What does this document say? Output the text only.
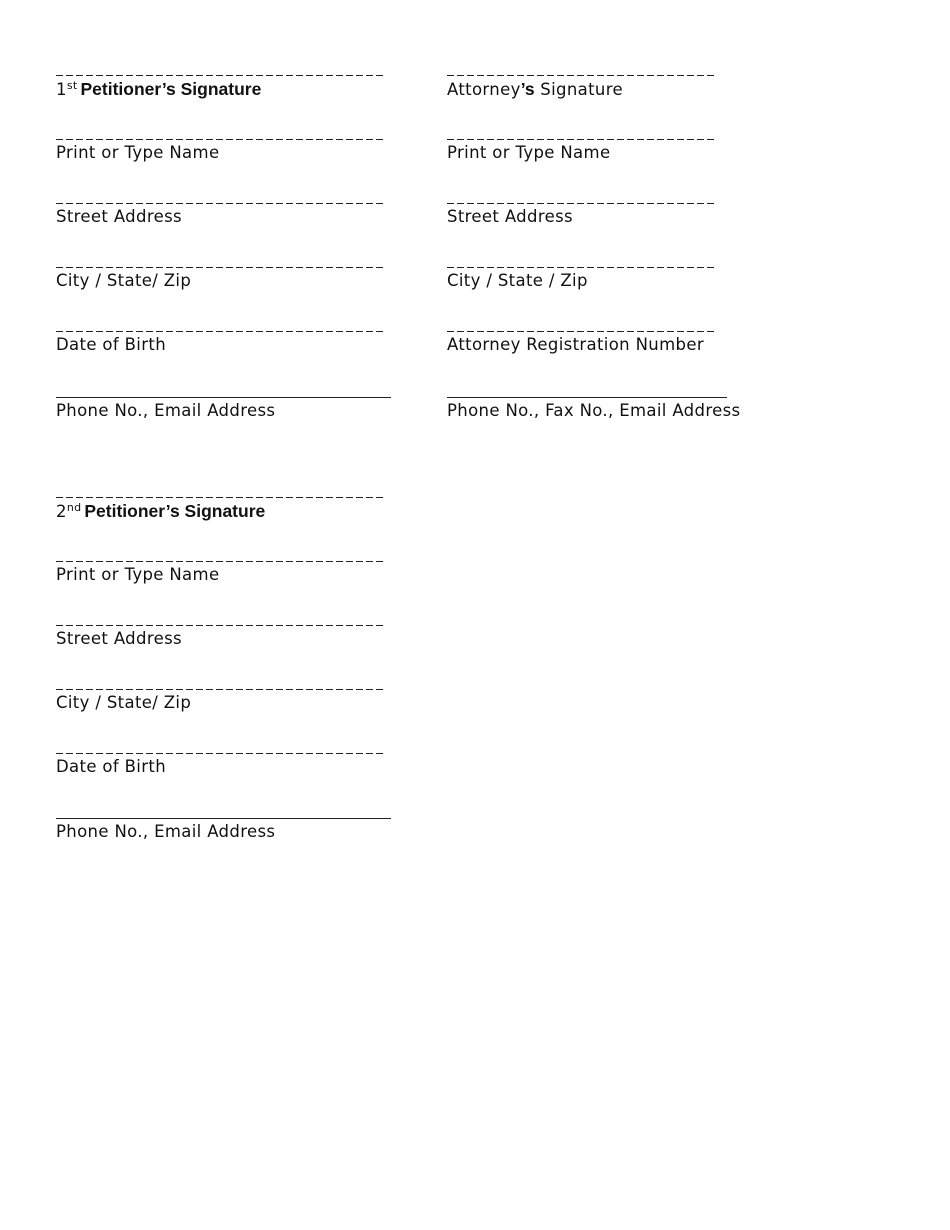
1st Petitioner’s Signature
Print or Type Name
Street Address
City / State/ Zip
Date of Birth
Phone No., Email Address
Attorney’s Signature
Print or Type Name
Street Address
City / State / Zip
Attorney Registration Number
Phone No., Fax No., Email Address
2nd Petitioner’s Signature
Print or Type Name
Street Address
City / State/ Zip
Date of Birth
Phone No., Email Address
